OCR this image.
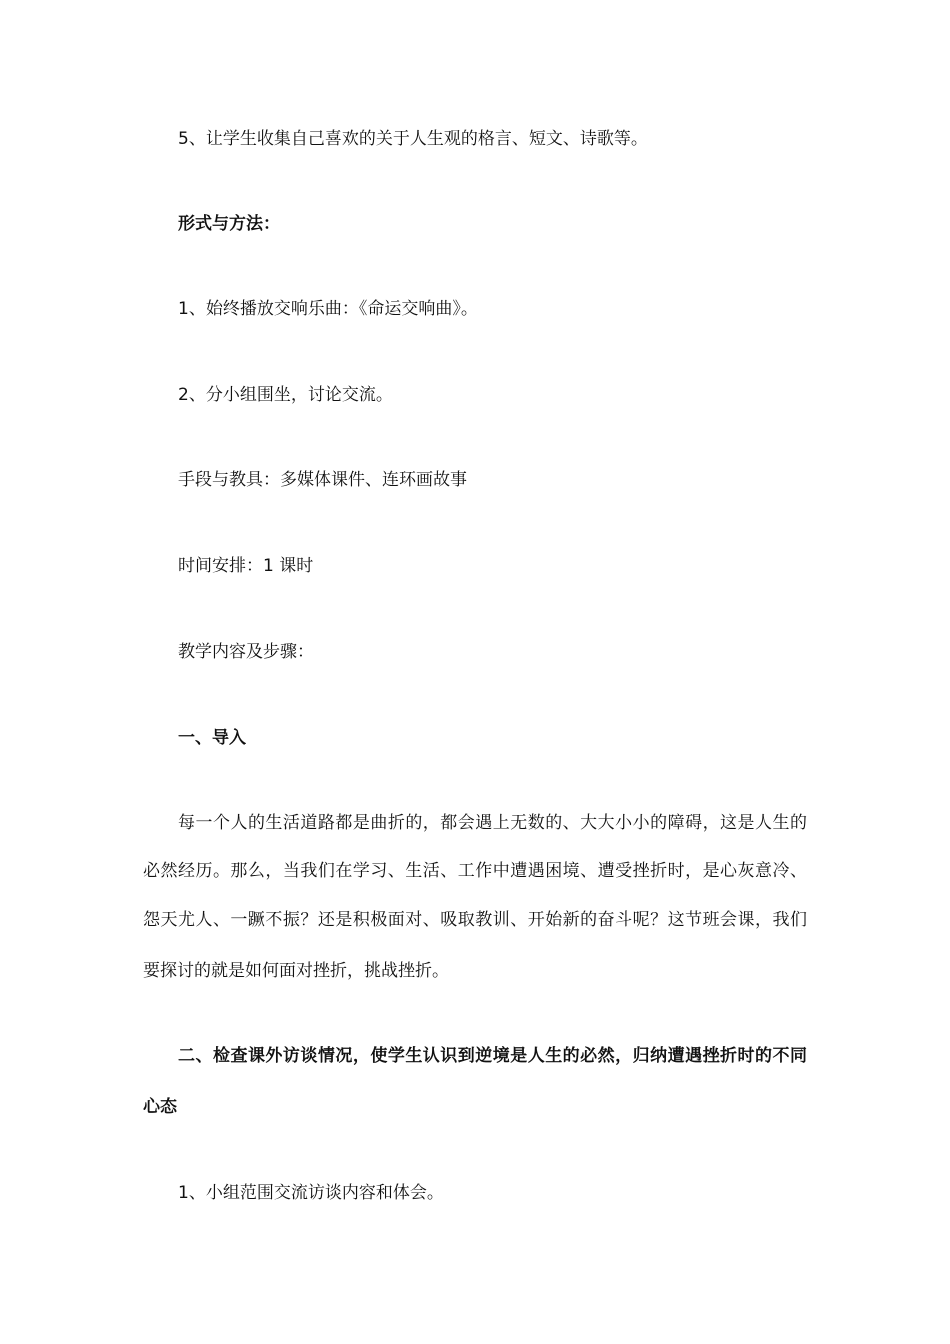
5、让学生收集自己喜欢的关于人生观的格言、短文、诗歌等。
形式与方法：
1、始终播放交响乐曲：《命运交响曲》。
2、分小组围坐，讨论交流。
手段与教具：多媒体课件、连环画故事
时间安排：1 课时
教学内容及步骤：
一、导入
每一个人的生活道路都是曲折的，都会遇上无数的、大大小小的障碍，这是人生的
必然经历。那么，当我们在学习、生活、工作中遭遇困境、遭受挫折时，是心灰意冷、
怨天尤人、一蹶不振？还是积极面对、吸取教训、开始新的奋斗呢？这节班会课，我们
要探讨的就是如何面对挫折，挑战挫折。
二、检查课外访谈情况，使学生认识到逆境是人生的必然，归纳遭遇挫折时的不同
心态
1、小组范围交流访谈内容和体会。
